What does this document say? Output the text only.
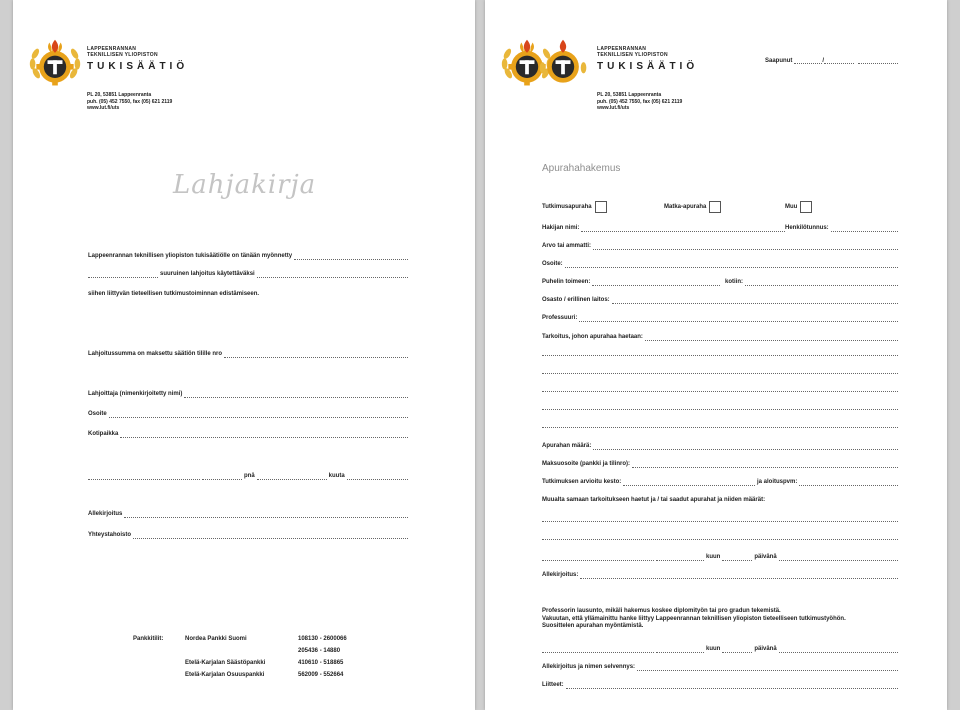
LAPPEENRANNAN
TEKNILLISEN YLIOPISTON
TUKISÄÄTIÖ
PL 20, 53851 Lappeenranta
puh. (05) 452 7550, fax (05) 621 2119
www.lut.fi/uts
Lahjakirja
Lappeenrannan teknillisen yliopiston tukisäätiölle on tänään myönnetty
suuruinen lahjoitus käytettäväksi
siihen liittyvän tieteellisen tutkimustoiminnan edistämiseen.
Lahjoitussumma on maksettu säätiön tilille nro
Lahjoittaja (nimenkirjoitetty nimi)
Osoite
Kotipaikka
pnä	kuuta
Allekirjoitus
Yhteystahoisto
Pankkitilit:	Nordea Pankki Suomi	108130 - 2600066
205436 - 14880
Etelä-Karjalan Säästöpankki	410610 - 518865
Etelä-Karjalan Osuuspankki	562009 - 552664
LAPPEENRANNAN
TEKNILLISEN YLIOPISTON
TUKISÄÄTIÖ
PL 20, 53851 Lappeenranta
puh. (05) 452 7550, fax (05) 621 2119
www.lut.fi/uts
Saapunut	/
Apurahahakemus
Tutkimusapuraha	Matka-apuraha	Muu
Hakijan nimi:	Henkilötunnus:
Arvo tai ammatti:
Osoite:
Puhelin toimeen:	kotiin:
Osasto / erillinen laitos:
Professuuri:
Tarkoitus, johon apurahaa haetaan:
Apurahan määrä:
Maksuosoite (pankki ja tilinro):
Tutkimuksen arvioitu kesto:	ja aloituspvm:
Muualta samaan tarkoitukseen haetut ja / tai saadut apurahat ja niiden määrät:
kuun	päivänä
Allekirjoitus:
Professorin lausunto, mikäli hakemus koskee diplomityön tai pro gradun tekemistä.
Vakuutan, että yllämainittu hanke liittyy Lappeenrannan teknillisen yliopiston tieteelliseen tutkimustyöhön.
Suosittelen apurahan myöntämistä.
kuun	päivänä
Allekirjoitus ja nimen selvennys:
Liitteet:
